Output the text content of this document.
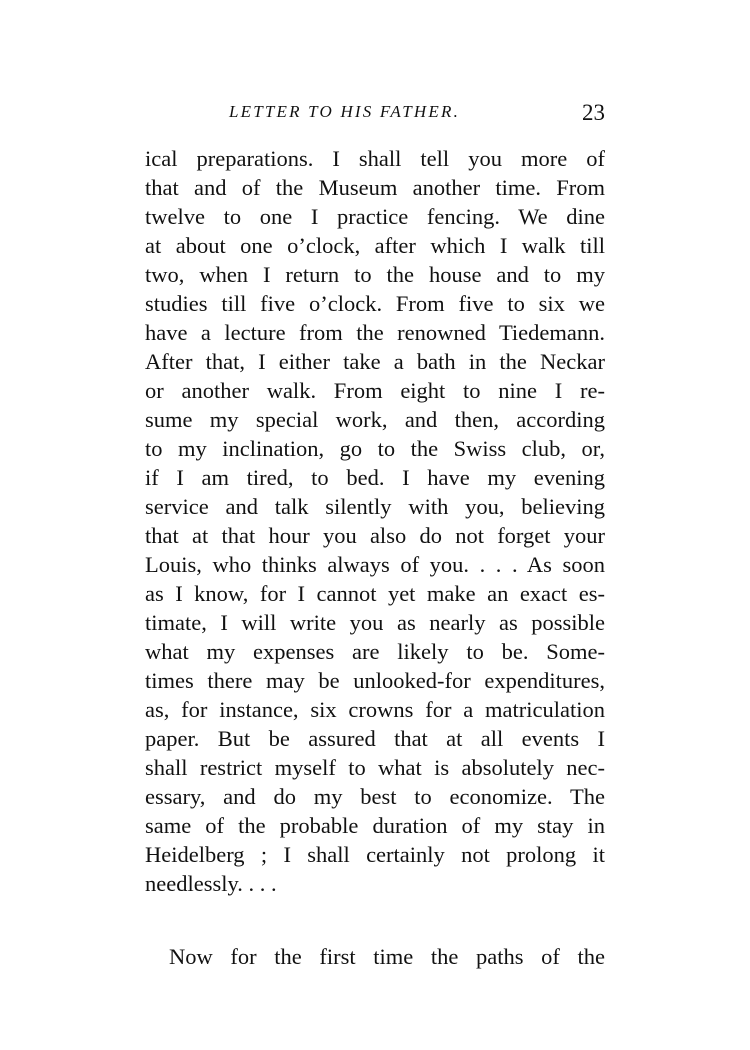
LETTER TO HIS FATHER.	23
ical preparations. I shall tell you more of
that and of the Museum another time. From
twelve to one I practice fencing. We dine
at about one o’clock, after which I walk till
two, when I return to the house and to my
studies till five o’clock. From five to six we
have a lecture from the renowned Tiedemann.
After that, I either take a bath in the Neckar
or another walk. From eight to nine I re-
sume my special work, and then, according
to my inclination, go to the Swiss club, or,
if I am tired, to bed. I have my evening
service and talk silently with you, believing
that at that hour you also do not forget your
Louis, who thinks always of you. . . . As soon
as I know, for I cannot yet make an exact es-
timate, I will write you as nearly as possible
what my expenses are likely to be. Some-
times there may be unlooked-for expenditures,
as, for instance, six crowns for a matriculation
paper. But be assured that at all events I
shall restrict myself to what is absolutely nec-
essary, and do my best to economize. The
same of the probable duration of my stay in
Heidelberg ; I shall certainly not prolong it
needlessly. . . .
Now for the first time the paths of the
